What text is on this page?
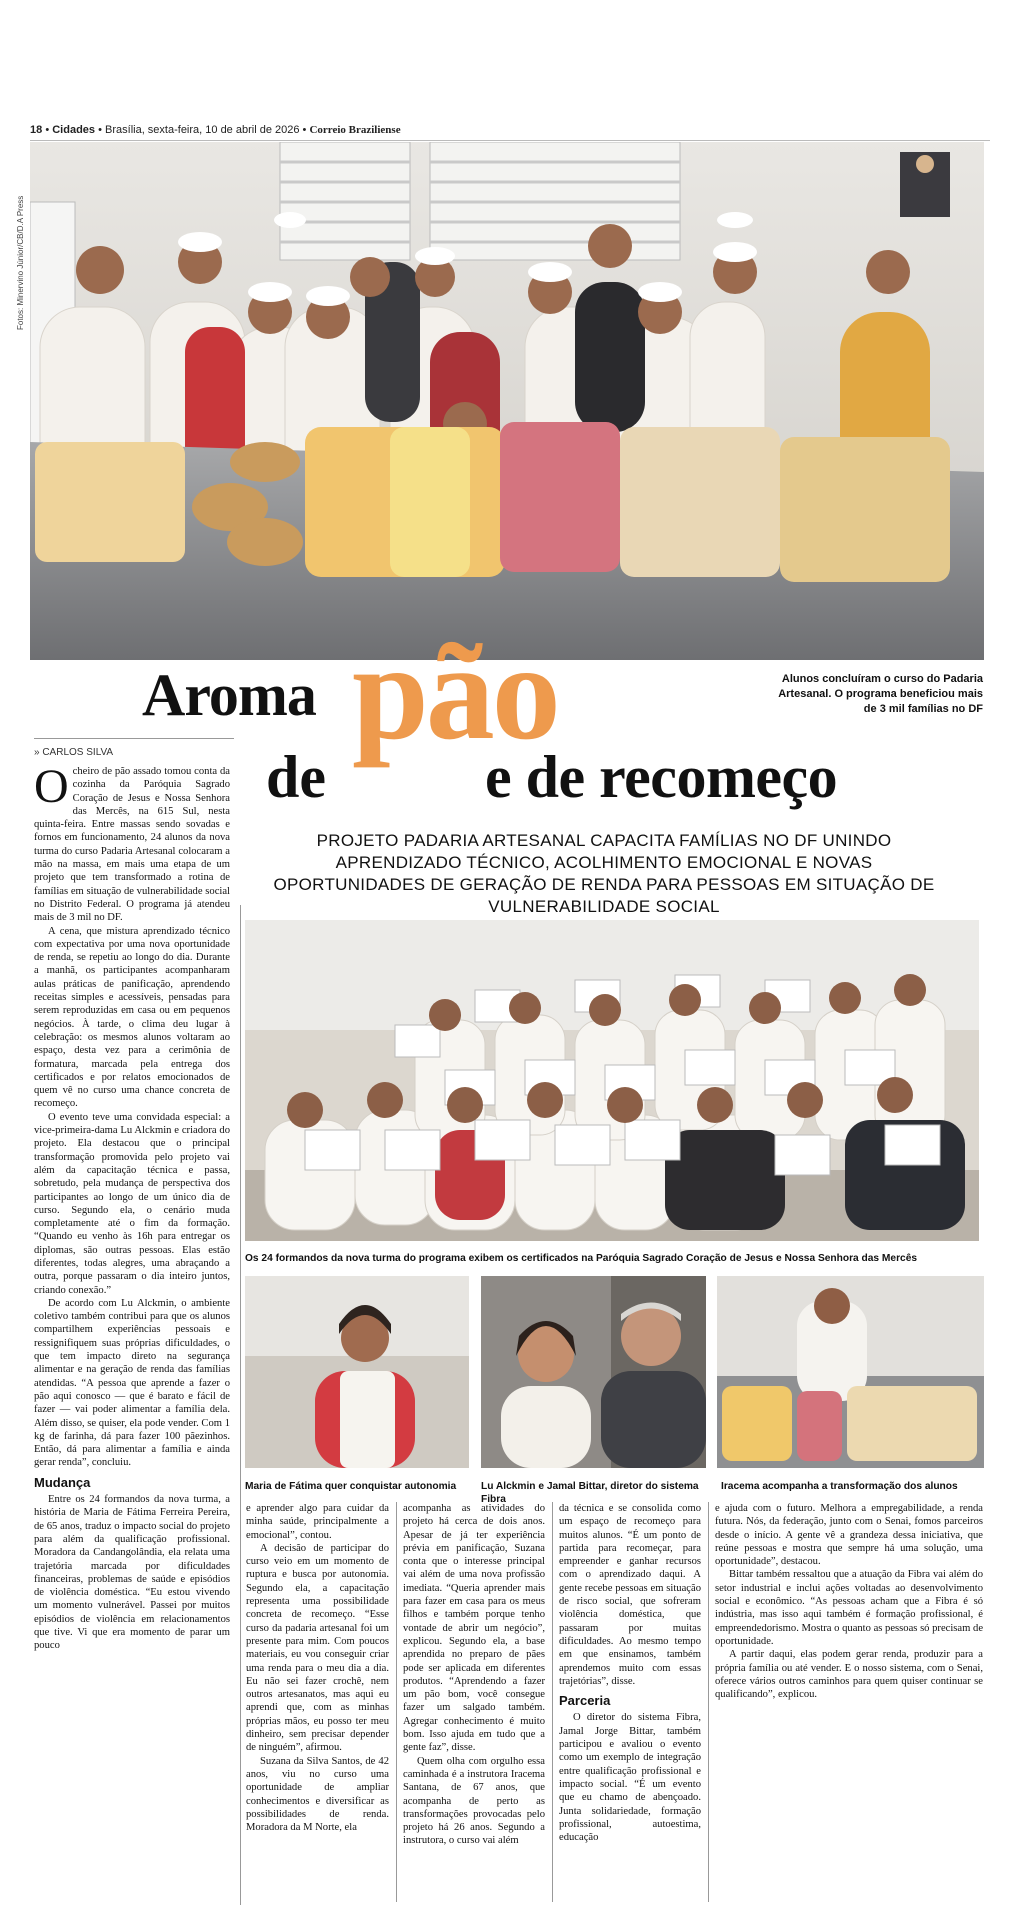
18 • Cidades • Brasília, sexta-feira, 10 de abril de 2026 • Correio Braziliense
Fotos: Minervino Júnior/CB/D.A Press
pão
Aroma
de	e de recomeço
Alunos concluíram o curso do Padaria Artesanal. O programa beneficiou mais de 3 mil famílias no DF
PROJETO PADARIA ARTESANAL CAPACITA FAMÍLIAS NO DF UNINDO APRENDIZADO TÉCNICO, ACOLHIMENTO EMOCIONAL E NOVAS OPORTUNIDADES DE GERAÇÃO DE RENDA PARA PESSOAS EM SITUAÇÃO DE VULNERABILIDADE SOCIAL
» CARLOS SILVA

Ocheiro de pão assado tomou conta da cozinha da Paróquia Sagrado Coração de Jesus e Nossa Senhora das Mercês, na 615 Sul, nesta quinta-feira. Entre massas sendo sovadas e fornos em funcionamento, 24 alunos da nova turma do curso Padaria Artesanal colocaram a mão na massa, em mais uma etapa de um projeto que tem transformado a rotina de famílias em situação de vulnerabilidade social no Distrito Federal. O programa já atendeu mais de 3 mil no DF.

A cena, que mistura aprendizado técnico com expectativa por uma nova oportunidade de renda, se repetiu ao longo do dia. Durante a manhã, os participantes acompanharam aulas práticas de panificação, aprendendo receitas simples e acessíveis, pensadas para serem reproduzidas em casa ou em pequenos negócios. À tarde, o clima deu lugar à celebração: os mesmos alunos voltaram ao espaço, desta vez para a cerimônia de formatura, marcada pela entrega dos certificados e por relatos emocionados de quem vê no curso uma chance concreta de recomeço.

O evento teve uma convidada especial: a vice-primeira-dama Lu Alckmin e criadora do projeto. Ela destacou que o principal transformação promovida pelo projeto vai além da capacitação técnica e passa, sobretudo, pela mudança de perspectiva dos participantes ao longo de um único dia de curso. Segundo ela, o cenário muda completamente até o fim da formação. “Quando eu venho às 16h para entregar os diplomas, são outras pessoas. Elas estão diferentes, todas alegres, uma abraçando a outra, porque passaram o dia inteiro juntos, criando conexão.”

De acordo com Lu Alckmin, o ambiente coletivo também contribui para que os alunos compartilhem experiências pessoais e ressignifiquem suas próprias dificuldades, o que tem impacto direto na segurança alimentar e na geração de renda das famílias atendidas. “A pessoa que aprende a fazer o pão aqui conosco — que é barato e fácil de fazer — vai poder alimentar a família dela. Além disso, se quiser, ela pode vender. Com 1 kg de farinha, dá para fazer 100 pãezinhos. Então, dá para alimentar a família e ainda gerar renda”, concluiu.

Mudança

Entre os 24 formandos da nova turma, a história de Maria de Fátima Ferreira Pereira, de 65 anos, traduz o impacto social do projeto para além da qualificação profissional. Moradora da Candangolândia, ela relata uma trajetória marcada por dificuldades financeiras, problemas de saúde e episódios de violência doméstica. “Eu estou vivendo um momento vulnerável. Passei por muitos episódios de violência em relacionamentos que tive. Vi que era momento de parar um pouco

Os 24 formandos da nova turma do programa exibem os certificados na Paróquia Sagrado Coração de Jesus e Nossa Senhora das Mercês
Maria de Fátima quer conquistar autonomia	Lu Alckmin e Jamal Bittar, diretor do sistema Fibra
Iracema acompanha a transformação dos alunos

e aprender algo para cuidar da minha saúde, principalmente a emocional”, contou.

A decisão de participar do curso veio em um momento de ruptura e busca por autonomia. Segundo ela, a capacitação representa uma possibilidade concreta de recomeço. “Esse curso da padaria artesanal foi um presente para mim. Com poucos materiais, eu vou conseguir criar uma renda para o meu dia a dia. Eu não sei fazer crochê, nem outros artesanatos, mas aqui eu aprendi que, com as minhas próprias mãos, eu posso ter meu dinheiro, sem precisar depender de ninguém”, afirmou.

Suzana da Silva Santos, de 42 anos, viu no curso uma oportunidade de ampliar conhecimentos e diversificar as possibilidades de renda. Moradora da M Norte, ela

acompanha as atividades do projeto há cerca de dois anos. Apesar de já ter experiência prévia em panificação, Suzana conta que o interesse principal vai além de uma nova profissão imediata. “Queria aprender mais para fazer em casa para os meus filhos e também porque tenho vontade de abrir um negócio”, explicou. Segundo ela, a base aprendida no preparo de pães pode ser aplicada em diferentes produtos. “Aprendendo a fazer um pão bom, você consegue fazer um salgado também. Agregar conhecimento é muito bom. Isso ajuda em tudo que a gente faz”, disse.

Quem olha com orgulho essa caminhada é a instrutora Iracema Santana, de 67 anos, que acompanha de perto as transformações provocadas pelo projeto há 26 anos. Segundo a instrutora, o curso vai além

da técnica e se consolida como um espaço de recomeço para muitos alunos. “É um ponto de partida para recomeçar, para empreender e ganhar recursos com o aprendizado daqui. A gente recebe pessoas em situação de risco social, que sofreram violência doméstica, que passaram por muitas dificuldades. Ao mesmo tempo em que ensinamos, também aprendemos muito com essas trajetórias”, disse.

Parceria

O diretor do sistema Fibra, Jamal Jorge Bittar, também participou e avaliou o evento como um exemplo de integração entre qualificação profissional e impacto social. “É um evento que eu chamo de abençoado. Junta solidariedade, formação profissional, autoestima, educação

e ajuda com o futuro. Melhora a empregabilidade, a renda futura. Nós, da federação, junto com o Senai, fomos parceiros desde o início. A gente vê a grandeza dessa iniciativa, que reúne pessoas e mostra que sempre há uma solução, uma oportunidade”, destacou.

Bittar também ressaltou que a atuação da Fibra vai além do setor industrial e inclui ações voltadas ao desenvolvimento social e econômico. “As pessoas acham que a Fibra é só indústria, mas isso aqui também é formação profissional, é empreendedorismo. Mostra o quanto as pessoas só precisam de oportunidade.

A partir daqui, elas podem gerar renda, produzir para a própria família ou até vender. E o nosso sistema, com o Senai, oferece vários outros caminhos para quem quiser continuar se qualificando”, explicou.
